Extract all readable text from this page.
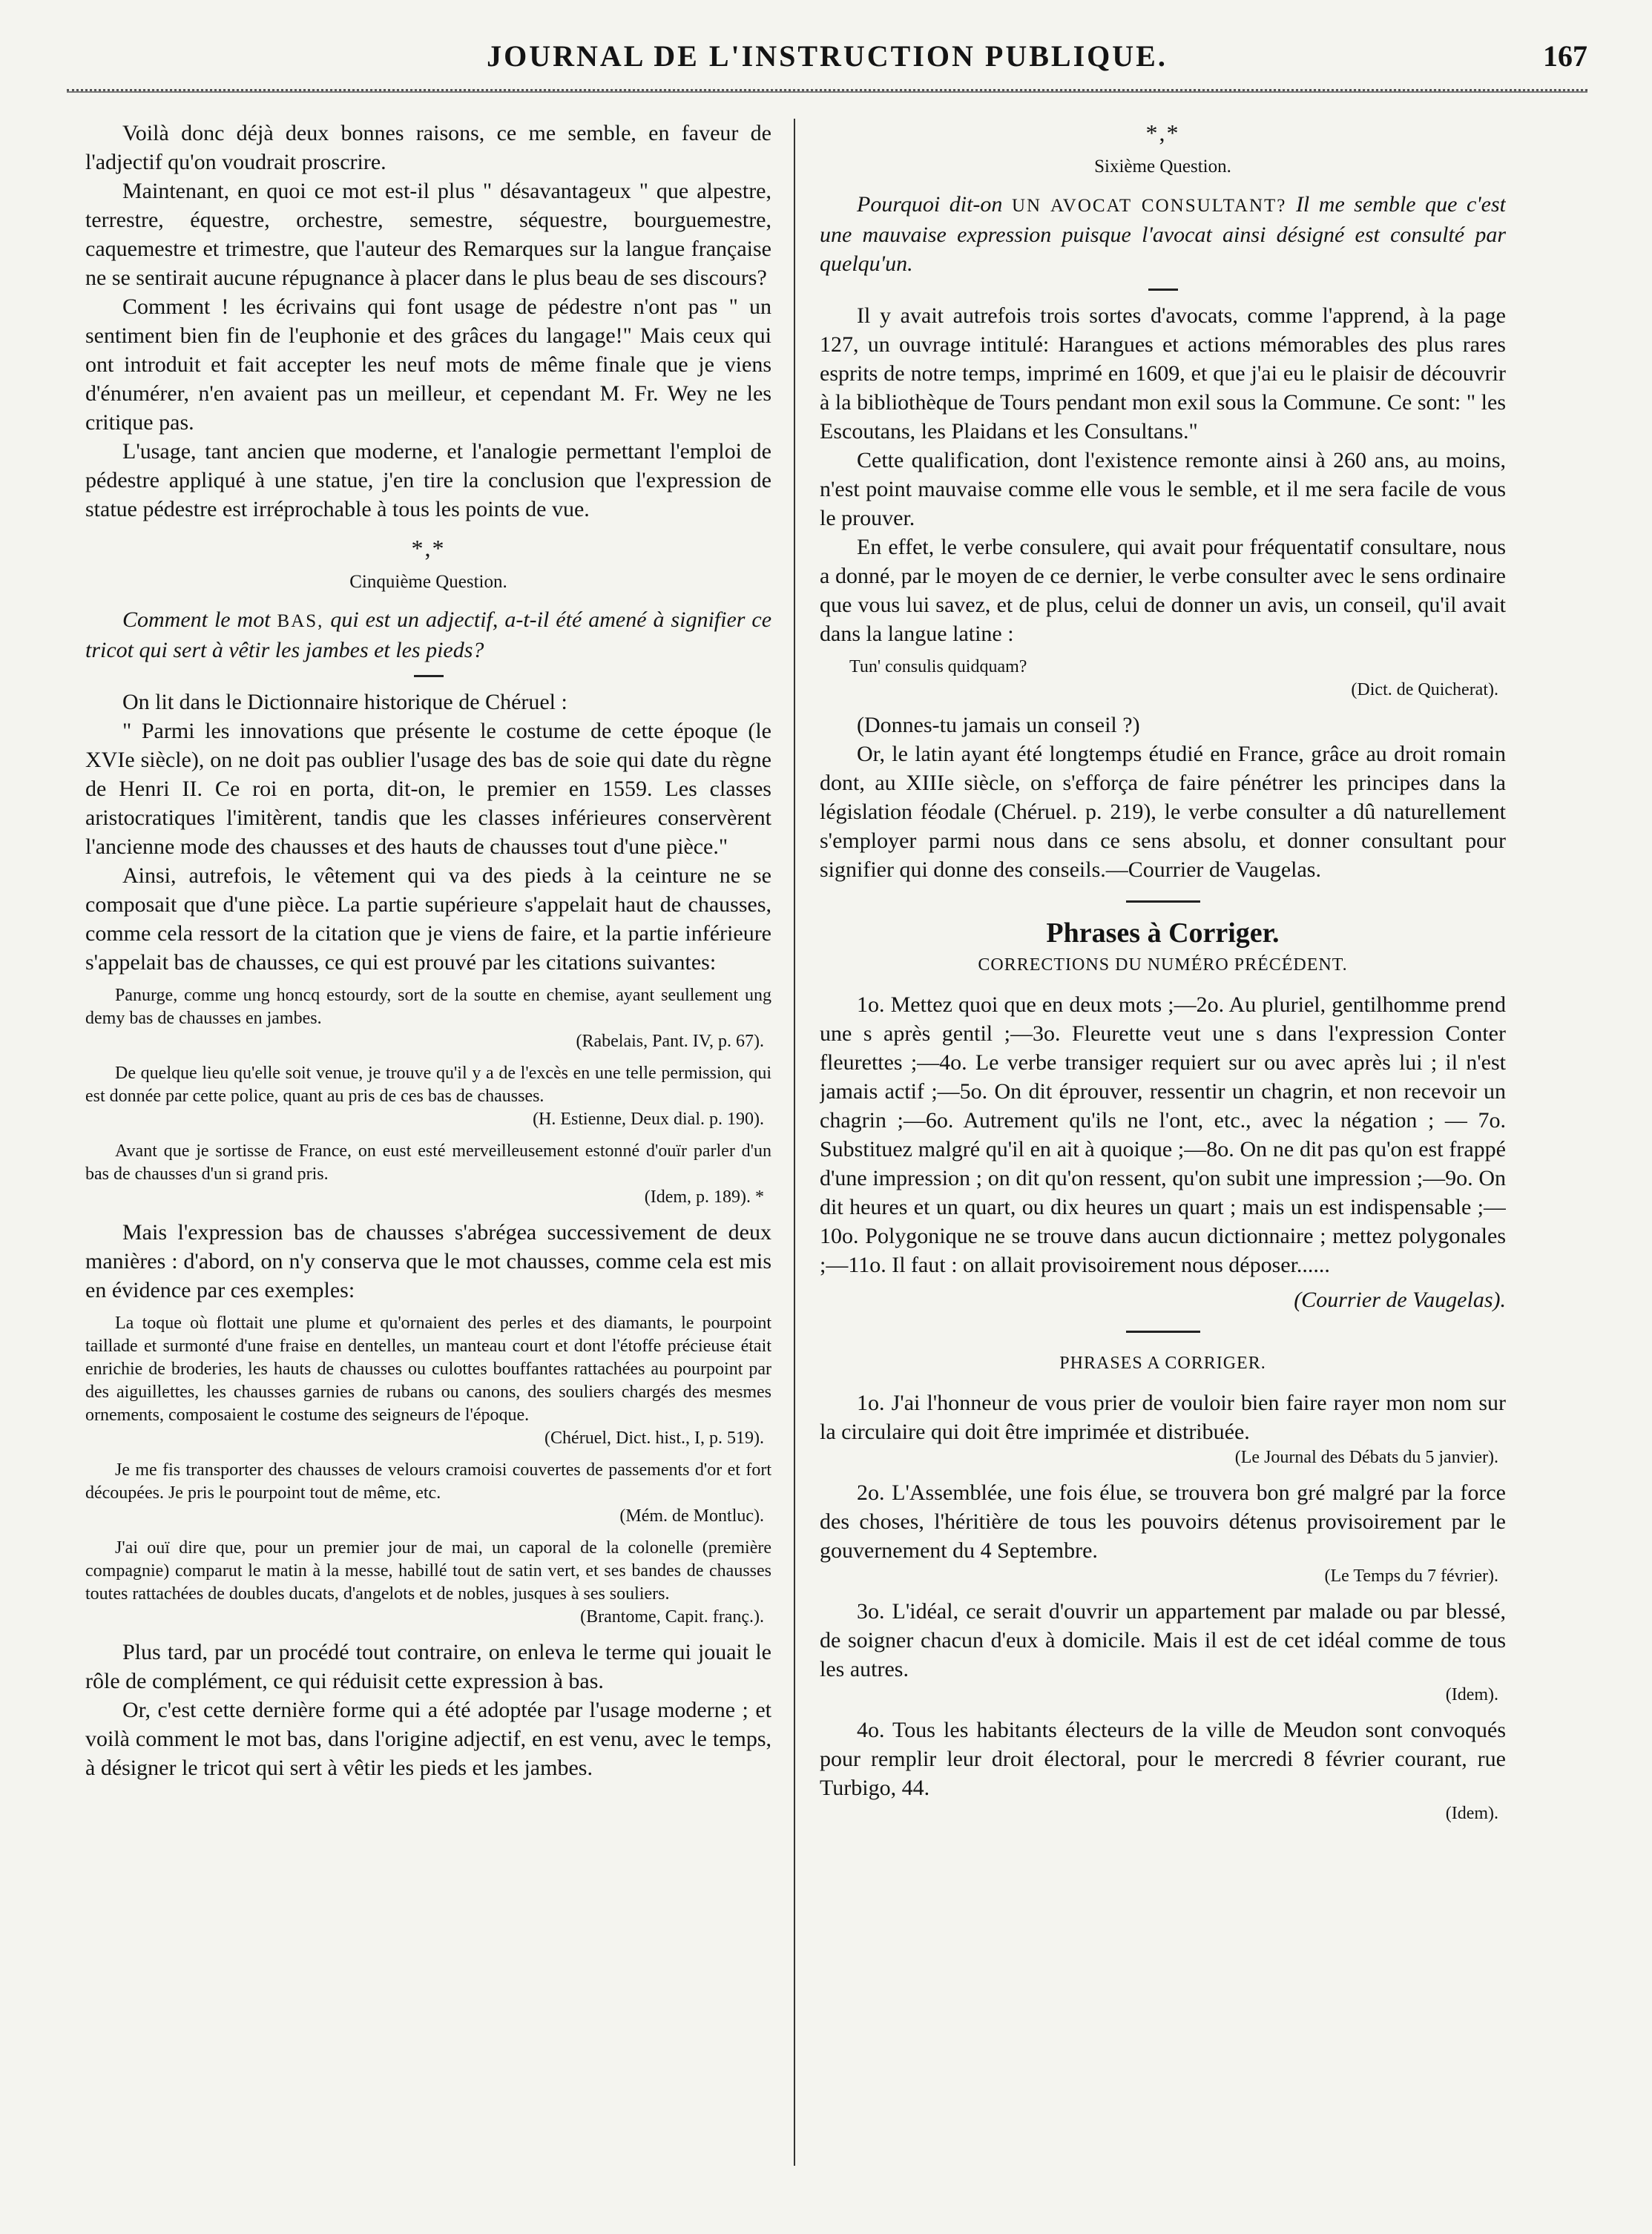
JOURNAL DE L'INSTRUCTION PUBLIQUE.	167

Voilà donc déjà deux bonnes raisons, ce me semble, en faveur de l'adjectif qu'on voudrait proscrire.

Maintenant, en quoi ce mot est-il plus " désavantageux " que alpestre, terrestre, équestre, orchestre, semestre, séquestre, bourguemestre, caquemestre et trimestre, que l'auteur des Remarques sur la langue française ne se sentirait aucune répugnance à placer dans le plus beau de ses discours?

Comment ! les écrivains qui font usage de pédestre n'ont pas " un sentiment bien fin de l'euphonie et des grâces du langage!" Mais ceux qui ont introduit et fait accepter les neuf mots de même finale que je viens d'énumérer, n'en avaient pas un meilleur, et cependant M. Fr. Wey ne les critique pas.

L'usage, tant ancien que moderne, et l'analogie permettant l'emploi de pédestre appliqué à une statue, j'en tire la conclusion que l'expression de statue pédestre est irréprochable à tous les points de vue.

*,*
Cinquième Question.
Comment le mot BAS, qui est un adjectif, a-t-il été amené à signifier ce tricot qui sert à vêtir les jambes et les pieds?

On lit dans le Dictionnaire historique de Chéruel :

" Parmi les innovations que présente le costume de cette époque (le XVIe siècle), on ne doit pas oublier l'usage des bas de soie qui date du règne de Henri II. Ce roi en porta, dit-on, le premier en 1559. Les classes aristocratiques l'imitèrent, tandis que les classes inférieures conservèrent l'ancienne mode des chausses et des hauts de chausses tout d'une pièce."

Ainsi, autrefois, le vêtement qui va des pieds à la ceinture ne se composait que d'une pièce. La partie supérieure s'appelait haut de chausses, comme cela ressort de la citation que je viens de faire, et la partie inférieure s'appelait bas de chausses, ce qui est prouvé par les citations suivantes:

Panurge, comme ung honcq estourdy, sort de la soutte en chemise, ayant seullement ung demy bas de chausses en jambes.

(Rabelais, Pant. IV, p. 67).

De quelque lieu qu'elle soit venue, je trouve qu'il y a de l'excès en une telle permission, qui est donnée par cette police, quant au pris de ces bas de chausses.

(H. Estienne, Deux dial. p. 190).

Avant que je sortisse de France, on eust esté merveilleusement estonné d'ouïr parler d'un bas de chausses d'un si grand pris.

(Idem, p. 189). *

Mais l'expression bas de chausses s'abrégea successivement de deux manières : d'abord, on n'y conserva que le mot chausses, comme cela est mis en évidence par ces exemples:

La toque où flottait une plume et qu'ornaient des perles et des diamants, le pourpoint taillade et surmonté d'une fraise en dentelles, un manteau court et dont l'étoffe précieuse était enrichie de broderies, les hauts de chausses ou culottes bouffantes rattachées au pourpoint par des aiguillettes, les chausses garnies de rubans ou canons, des souliers chargés des mesmes ornements, composaient le costume des seigneurs de l'époque.

(Chéruel, Dict. hist., I, p. 519).

Je me fis transporter des chausses de velours cramoisi couvertes de passements d'or et fort découpées. Je pris le pourpoint tout de même, etc.

(Mém. de Montluc).

J'ai ouï dire que, pour un premier jour de mai, un caporal de la colonelle (première compagnie) comparut le matin à la messe, habillé tout de satin vert, et ses bandes de chausses toutes rattachées de doubles ducats, d'angelots et de nobles, jusques à ses souliers.

(Brantome, Capit. franç.).

Plus tard, par un procédé tout contraire, on enleva le terme qui jouait le rôle de complément, ce qui réduisit cette expression à bas.

Or, c'est cette dernière forme qui a été adoptée par l'usage moderne ; et voilà comment le mot bas, dans l'origine adjectif, en est venu, avec le temps, à désigner le tricot qui sert à vêtir les pieds et les jambes.

*,*
Sixième Question.
Pourquoi dit-on UN AVOCAT CONSULTANT? Il me semble que c'est une mauvaise expression puisque l'avocat ainsi désigné est consulté par quelqu'un.

Il y avait autrefois trois sortes d'avocats, comme l'apprend, à la page 127, un ouvrage intitulé: Harangues et actions mémorables des plus rares esprits de notre temps, imprimé en 1609, et que j'ai eu le plaisir de découvrir à la bibliothèque de Tours pendant mon exil sous la Commune. Ce sont: " les Escoutans, les Plaidans et les Consultans."

Cette qualification, dont l'existence remonte ainsi à 260 ans, au moins, n'est point mauvaise comme elle vous le semble, et il me sera facile de vous le prouver.

En effet, le verbe consulere, qui avait pour fréquentatif consultare, nous a donné, par le moyen de ce dernier, le verbe consulter avec le sens ordinaire que vous lui savez, et de plus, celui de donner un avis, un conseil, qu'il avait dans la langue latine :

Tun' consulis quidquam?

(Dict. de Quicherat).

(Donnes-tu jamais un conseil ?)

Or, le latin ayant été longtemps étudié en France, grâce au droit romain dont, au XIIIe siècle, on s'efforça de faire pénétrer les principes dans la législation féodale (Chéruel. p. 219), le verbe consulter a dû naturellement s'employer parmi nous dans ce sens absolu, et donner consultant pour signifier qui donne des conseils.—Courrier de Vaugelas.

Phrases à Corriger.
CORRECTIONS DU NUMÉRO PRÉCÉDENT.

1o. Mettez quoi que en deux mots ;—2o. Au pluriel, gentilhomme prend une s après gentil ;—3o. Fleurette veut une s dans l'expression Conter fleurettes ;—4o. Le verbe transiger requiert sur ou avec après lui ; il n'est jamais actif ;—5o. On dit éprouver, ressentir un chagrin, et non recevoir un chagrin ;—6o. Autrement qu'ils ne l'ont, etc., avec la négation ; — 7o. Substituez malgré qu'il en ait à quoique ;—8o. On ne dit pas qu'on est frappé d'une impression ; on dit qu'on ressent, qu'on subit une impression ;—9o. On dit heures et un quart, ou dix heures un quart ; mais un est indispensable ;—10o. Polygonique ne se trouve dans aucun dictionnaire ; mettez polygonales ;—11o. Il faut : on allait provisoirement nous déposer......

(Courrier de Vaugelas).
PHRASES A CORRIGER.

1o. J'ai l'honneur de vous prier de vouloir bien faire rayer mon nom sur la circulaire qui doit être imprimée et distribuée.

(Le Journal des Débats du 5 janvier).

2o. L'Assemblée, une fois élue, se trouvera bon gré malgré par la force des choses, l'héritière de tous les pouvoirs détenus provisoirement par le gouvernement du 4 Septembre.

(Le Temps du 7 février).

3o. L'idéal, ce serait d'ouvrir un appartement par malade ou par blessé, de soigner chacun d'eux à domicile. Mais il est de cet idéal comme de tous les autres.

(Idem).

4o. Tous les habitants électeurs de la ville de Meudon sont convoqués pour remplir leur droit électoral, pour le mercredi 8 février courant, rue Turbigo, 44.

(Idem).
